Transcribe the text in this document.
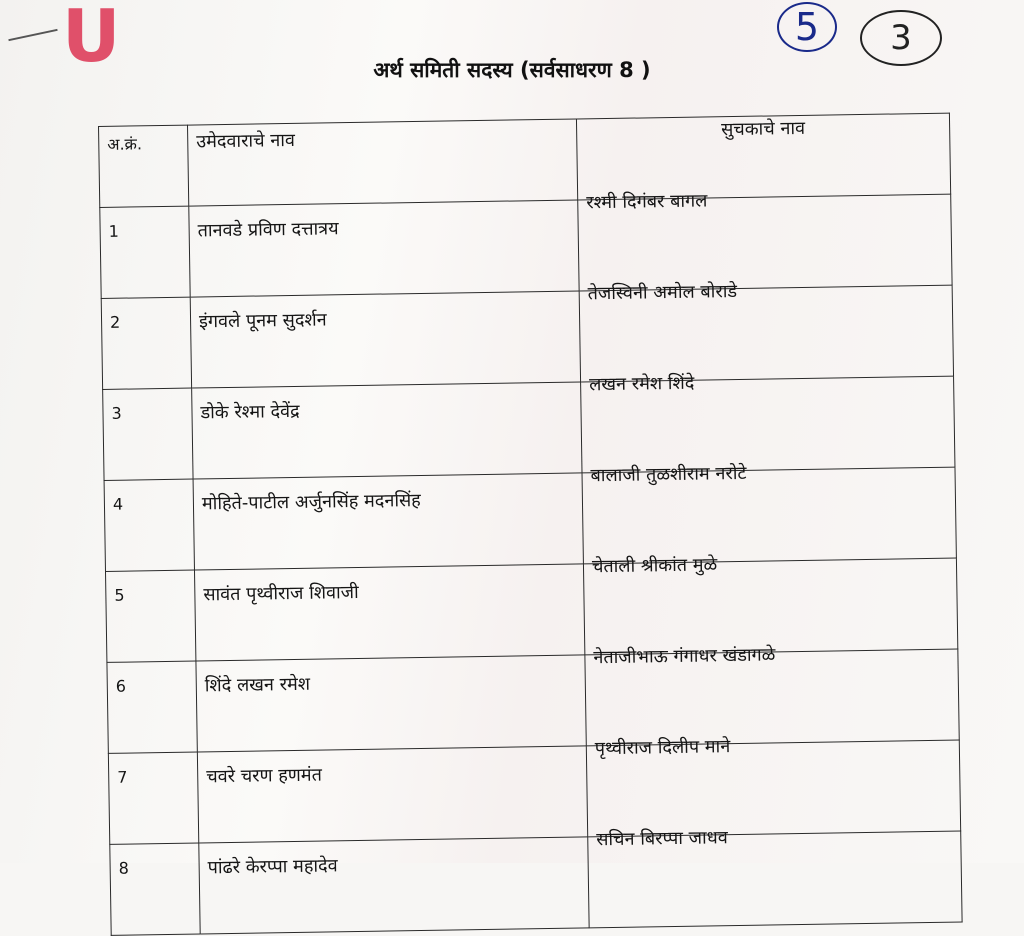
U	5	3
अर्थ समिती सदस्य (सर्वसाधरण 8 )
अ.क्रं.	उमेदवाराचे नाव	सुचकाचे नाव
1	तानवडे प्रविण दत्तात्रय	रश्मी दिगंबर बागल
2	इंगवले पूनम सुदर्शन	तेजस्विनी अमोल बोराडे
3	डोके रेश्मा देवेंद्र	लखन रमेश शिंदे
4	मोहिते-पाटील अर्जुनसिंह मदनसिंह	बालाजी तुळशीराम नरोटे
5	सावंत पृथ्वीराज शिवाजी	चेताली श्रीकांत मुळे
6	शिंदे लखन रमेश	नेताजीभाऊ गंगाधर खंडागळे
7	चवरे चरण हणमंत	पृथ्वीराज दिलीप माने
8	पांढरे केरप्पा महादेव	सचिन बिरप्पा जाधव
